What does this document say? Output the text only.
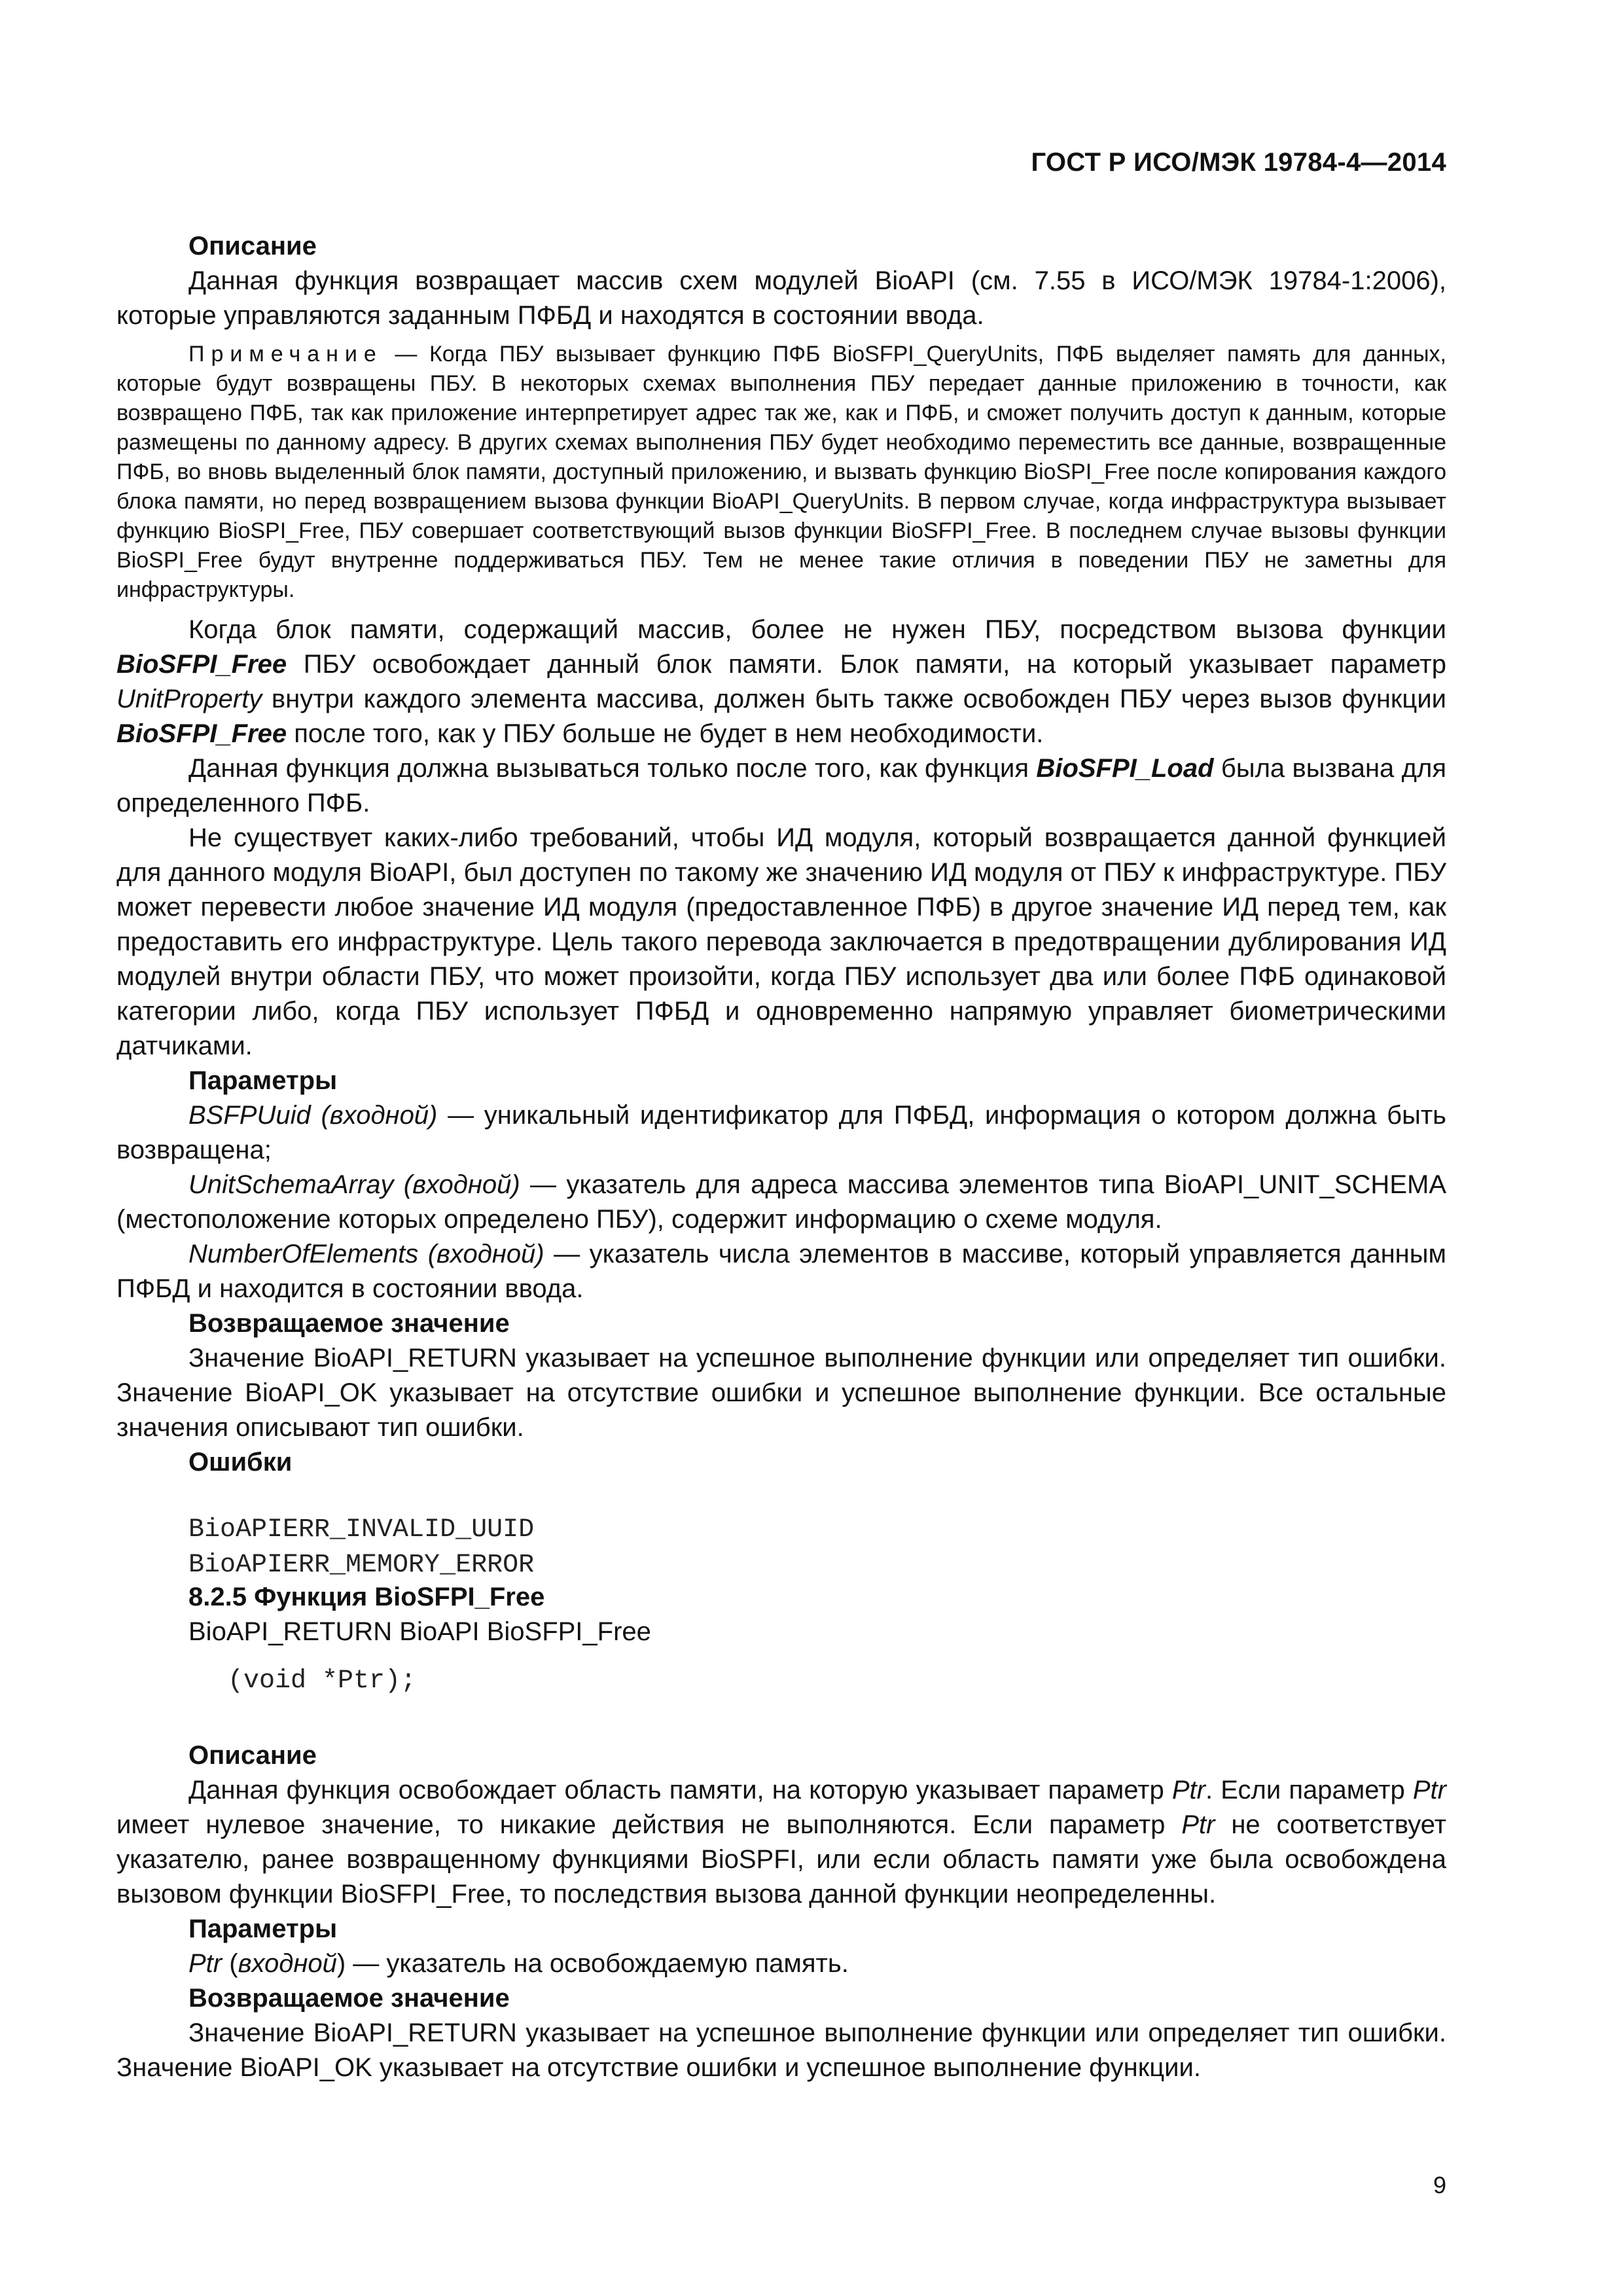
ГОСТ Р ИСО/МЭК 19784-4—2014
Описание

Данная функция возвращает массив схем модулей BioAPI (см. 7.55 в ИСО/МЭК 19784-1:2006), которые управляются заданным ПФБД и находятся в состоянии ввода.

Примечание — Когда ПБУ вызывает функцию ПФБ BioSFPI_QueryUnits, ПФБ выделяет память для данных, которые будут возвращены ПБУ. В некоторых схемах выполнения ПБУ передает данные приложению в точности, как возвращено ПФБ, так как приложение интерпретирует адрес так же, как и ПФБ, и сможет получить доступ к данным, которые размещены по данному адресу. В других схемах выполнения ПБУ будет необходимо переместить все данные, возвращенные ПФБ, во вновь выделенный блок памяти, доступный приложению, и вызвать функцию BioSPI_Free после копирования каждого блока памяти, но перед возвращением вызова функции BioAPI_QueryUnits. В первом случае, когда инфраструктура вызывает функцию BioSPI_Free, ПБУ совершает соответствующий вызов функции BioSFPI_Free. В последнем случае вызовы функции BioSPI_Free будут внутренне поддерживаться ПБУ. Тем не менее такие отличия в поведении ПБУ не заметны для инфраструктуры.

Когда блок памяти, содержащий массив, более не нужен ПБУ, посредством вызова функции BioSFPI_Free ПБУ освобождает данный блок памяти. Блок памяти, на который указывает параметр UnitProperty внутри каждого элемента массива, должен быть также освобожден ПБУ через вызов функции BioSFPI_Free после того, как у ПБУ больше не будет в нем необходимости.

Данная функция должна вызываться только после того, как функция BioSFPI_Load была вызвана для определенного ПФБ.

Не существует каких-либо требований, чтобы ИД модуля, который возвращается данной функцией для данного модуля BioAPI, был доступен по такому же значению ИД модуля от ПБУ к инфраструктуре. ПБУ может перевести любое значение ИД модуля (предоставленное ПФБ) в другое значение ИД перед тем, как предоставить его инфраструктуре. Цель такого перевода заключается в предотвращении дублирования ИД модулей внутри области ПБУ, что может произойти, когда ПБУ использует два или более ПФБ одинаковой категории либо, когда ПБУ использует ПФБД и одновременно напрямую управляет биометрическими датчиками.

Параметры

BSFPUuid (входной) — уникальный идентификатор для ПФБД, информация о котором должна быть возвращена;

UnitSchemaArray (входной) — указатель для адреса массива элементов типа BioAPI_UNIT_SCHEMA (местоположение которых определено ПБУ), содержит информацию о схеме модуля.

NumberOfElements (входной) — указатель числа элементов в массиве, который управляется данным ПФБД и находится в состоянии ввода.

Возвращаемое значение

Значение BioAPI_RETURN указывает на успешное выполнение функции или определяет тип ошибки. Значение BioAPI_OK указывает на отсутствие ошибки и успешное выполнение функции. Все остальные значения описывают тип ошибки.

Ошибки

BioAPIERR_INVALID_UUID

BioAPIERR_MEMORY_ERROR

8.2.5 Функция BioSFPI_Free
BioAPI_RETURN BioAPI BioSFPI_Free

(void *Ptr);

Описание

Данная функция освобождает область памяти, на которую указывает параметр Ptr. Если параметр Ptr имеет нулевое значение, то никакие действия не выполняются. Если параметр Ptr не соответствует указателю, ранее возвращенному функциями BioSPFI, или если область памяти уже была освобождена вызовом функции BioSFPI_Free, то последствия вызова данной функции неопределенны.

Параметры

Ptr (входной) — указатель на освобождаемую память.

Возвращаемое значение

Значение BioAPI_RETURN указывает на успешное выполнение функции или определяет тип ошибки. Значение BioAPI_OK указывает на отсутствие ошибки и успешное выполнение функции.

9
